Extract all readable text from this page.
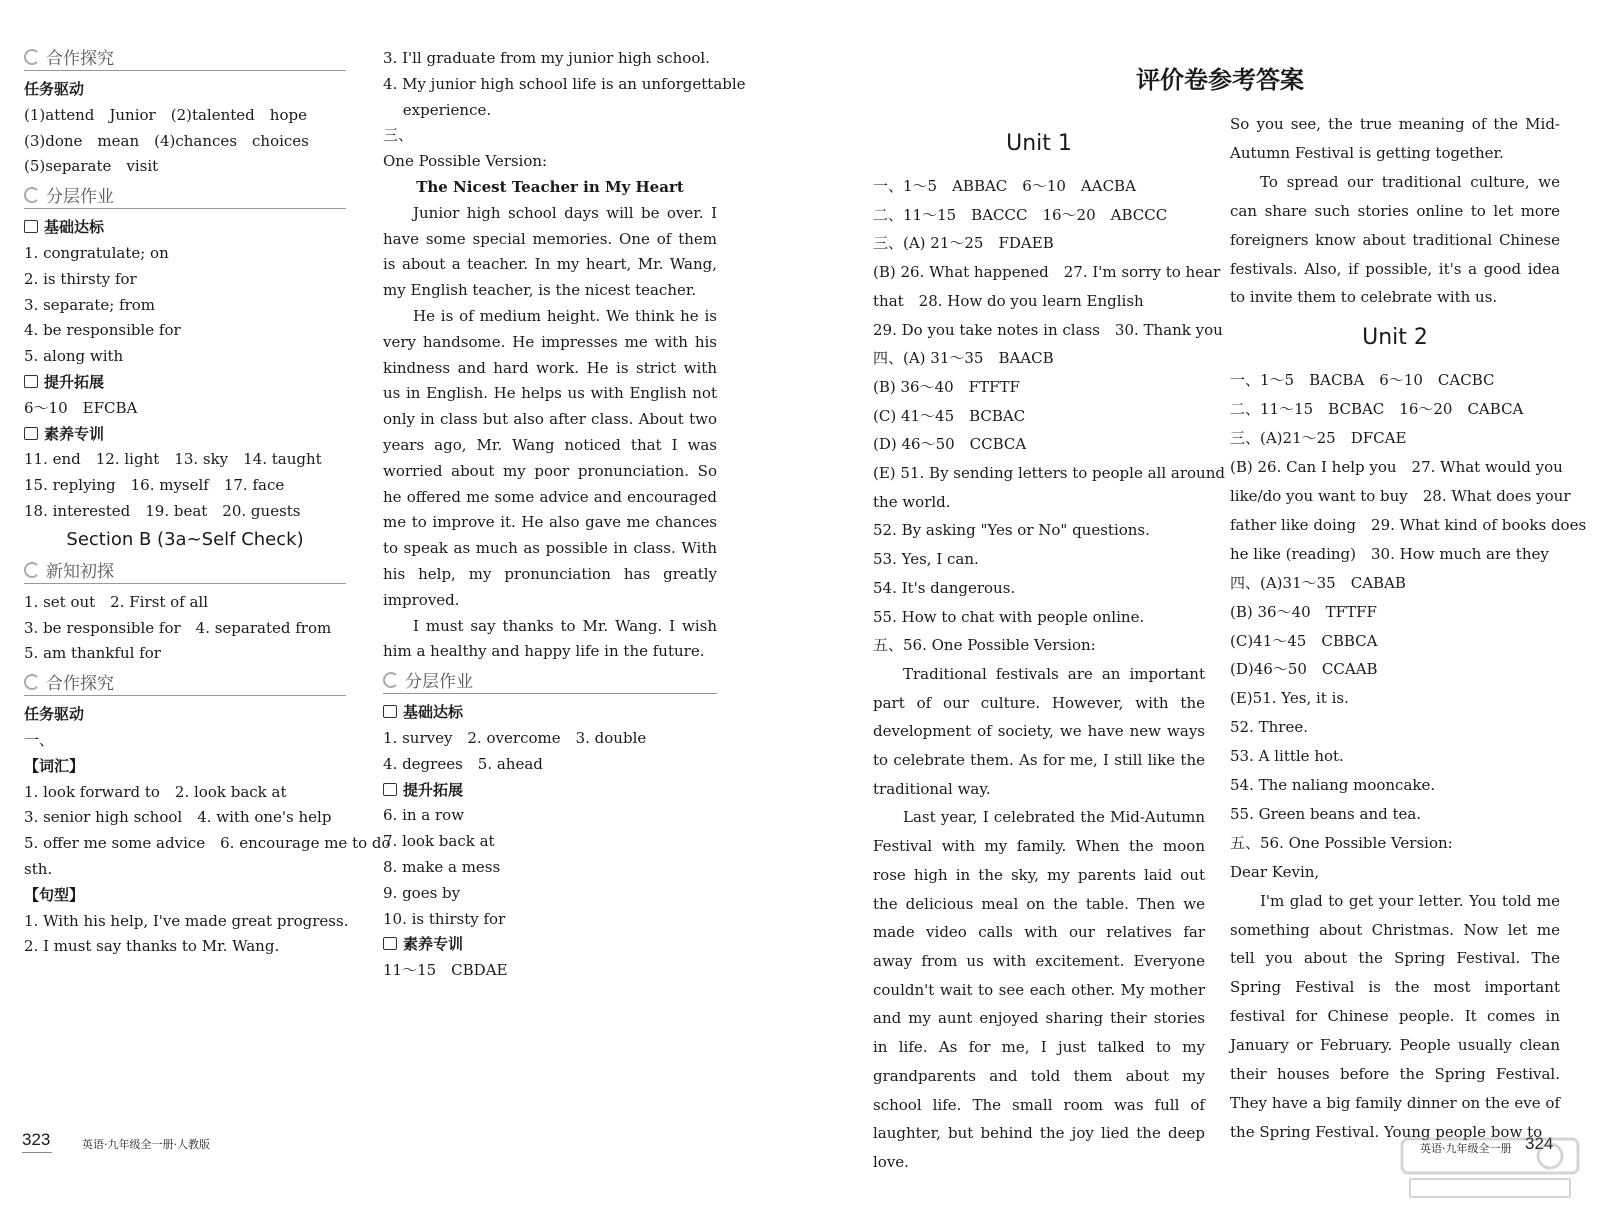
合作探究
任务驱动
(1)attend　Junior　(2)talented　hope
(3)done　mean　(4)chances　choices
(5)separate　visit
分层作业
基础达标
1. congratulate; on
2. is thirsty for
3. separate; from
4. be responsible for
5. along with
提升拓展
6～10　EFCBA
素养专训
11. end　12. light　13. sky　14. taught
15. replying　16. myself　17. face
18. interested　19. beat　20. guests
Section B (3a~Self Check)
新知初探
1. set out　2. First of all
3. be responsible for　4. separated from
5. am thankful for
合作探究
任务驱动
一、
【词汇】
1. look forward to　2. look back at
3. senior high school　4. with one's help
5. offer me some advice　6. encourage me to do
sth.
【句型】
1. With his help, I've made great progress.
2. I must say thanks to Mr. Wang.
3. I'll graduate from my junior high school.
4. My junior high school life is an unforgettable
　 experience.
三、
One Possible Version:
The Nicest Teacher in My Heart
Junior high school days will be over. I have some special memories. One of them is about a teacher. In my heart, Mr. Wang, my English teacher, is the nicest teacher.
He is of medium height. We think he is very handsome. He impresses me with his kindness and hard work. He is strict with us in English. He helps us with English not only in class but also after class. About two years ago, Mr. Wang noticed that I was worried about my poor pronunciation. So he offered me some advice and encouraged me to improve it. He also gave me chances to speak as much as possible in class. With his help, my pronunciation has greatly improved.
I must say thanks to Mr. Wang. I wish him a healthy and happy life in the future.
分层作业
基础达标
1. survey　2. overcome　3. double
4. degrees　5. ahead
提升拓展
6. in a row
7. look back at
8. make a mess
9. goes by
10. is thirsty for
素养专训
11～15　CBDAE
323	英语·九年级全一册·人教版
Unit 1
一、1～5　ABBAC　6～10　AACBA
二、11～15　BACCC　16～20　ABCCC
三、(A) 21～25　FDAEB
(B) 26. What happened　27. I'm sorry to hear
that　28. How do you learn English
29. Do you take notes in class　30. Thank you
四、(A) 31～35　BAACB
(B) 36～40　FTFTF
(C) 41～45　BCBAC
(D) 46～50　CCBCA
(E) 51. By sending letters to people all around
the world.
52. By asking "Yes or No" questions.
53. Yes, I can.
54. It's dangerous.
55. How to chat with people online.
五、56. One Possible Version:
Traditional festivals are an important part of our culture. However, with the development of society, we have new ways to celebrate them. As for me, I still like the traditional way.
Last year, I celebrated the Mid-Autumn Festival with my family. When the moon rose high in the sky, my parents laid out the delicious meal on the table. Then we made video calls with our relatives far away from us with excitement. Everyone couldn't wait to see each other. My mother and my aunt enjoyed sharing their stories in life. As for me, I just talked to my grandparents and told them about my school life. The small room was full of laughter, but behind the joy lied the deep love.
So you see, the true meaning of the Mid-Autumn Festival is getting together.
To spread our traditional culture, we can share such stories online to let more foreigners know about traditional Chinese festivals. Also, if possible, it's a good idea to invite them to celebrate with us.
Unit 2
一、1～5　BACBA　6～10　CACBC
二、11～15　BCBAC　16～20　CABCA
三、(A)21～25　DFCAE
(B) 26. Can I help you　27. What would you
like/do you want to buy　28. What does your
father like doing　29. What kind of books does
he like (reading)　30. How much are they
四、(A)31～35　CABAB
(B) 36～40　TFTFF
(C)41～45　CBBCA
(D)46～50　CCAAB
(E)51. Yes, it is.
52. Three.
53. A little hot.
54. The naliang mooncake.
55. Green beans and tea.
五、56. One Possible Version:
Dear Kevin,
I'm glad to get your letter. You told me something about Christmas. Now let me tell you about the Spring Festival. The Spring Festival is the most important festival for Chinese people. It comes in January or February. People usually clean their houses before the Spring Festival. They have a big family dinner on the eve of the Spring Festival. Young people bow to
324
英语·九年级全一册
评价卷参考答案
